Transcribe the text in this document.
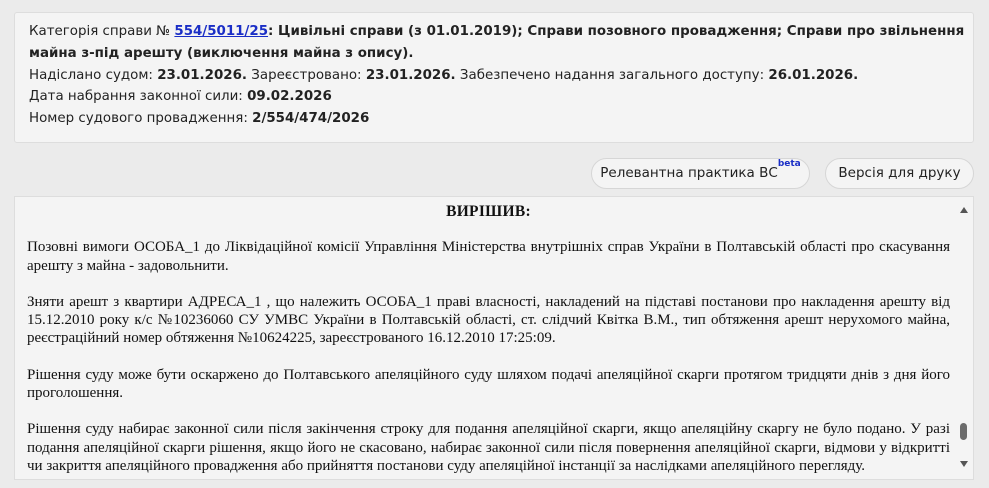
Категорія справи № 554/5011/25: Цивільні справи (з 01.01.2019); Справи позовного провадження; Справи про звільнення
майна з-під арешту (виключення майна з опису).
Надіслано судом: 23.01.2026. Зареєстровано: 23.01.2026. Забезпечено надання загального доступу: 26.01.2026.
Дата набрання законної сили: 09.02.2026
Номер судового провадження: 2/554/474/2026
Релевантна практика $ВС^{beta}$
Версія для друку
ВИРІШИВ:

Позовні вимоги ОСОБА_1 до Ліквідаційної комісії Управління Міністерства внутрішніх справ України в Полтавській області про скасування арешту з майна - задовольнити.

Зняти арешт з квартири АДРЕСА_1 , що належить ОСОБА_1 праві власності, накладений на підставі постанови про накладення арешту від 15.12.2010 року к/с №10236060 СУ УМВС України в Полтавській області, ст. слідчий Квітка В.М., тип обтяження арешт нерухомого майна, реєстраційний номер обтяження №10624225, зареєстрованого 16.12.2010 17:25:09.

Рішення суду може бути оскаржено до Полтавського апеляційного суду шляхом подачі апеляційної скарги протягом тридцяти днів з дня його проголошення.

Рішення суду набирає законної сили після закінчення строку для подання апеляційної скарги, якщо апеляційну скаргу не було подано. У разі подання апеляційної скарги рішення, якщо його не скасовано, набирає законної сили після повернення апеляційної скарги, відмови у відкритті чи закриття апеляційного провадження або прийняття постанови суду апеляційної інстанції за наслідками апеляційного перегляду.
